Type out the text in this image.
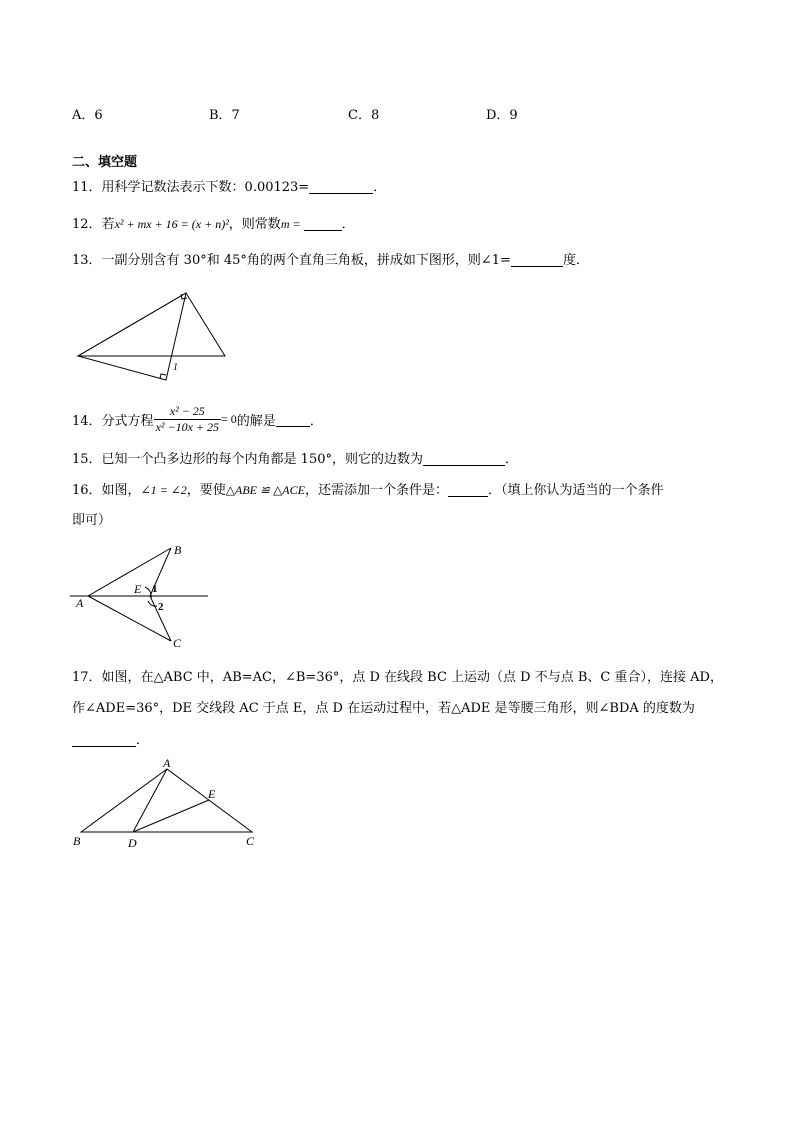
A．6	B．7	C．8	D．9
二、填空题
11．用科学记数法表示下数：0.00123=	．
12．若x² + mx + 16 = (x + n)²，则常数m =	．
13．一副分别含有 30°和 45°角的两个直角三角板，拼成如下图形，则∠1=	度．
1
14． 分式方程 $\frac{\text{x² − 25}}{\text{x² −10x + 25}} = 0$ 的解是	．
15．已知一个凸多边形的每个内角都是 150°，则它的边数为	．
16．如图，∠1 = ∠2，要使△ABE ≌ △ACE，还需添加一个条件是：	．（填上你认为适当的一个条件
即可）
B
A
C
E 1
2
17．如图，在△ABC 中，AB=AC，∠B=36°，点 D 在线段 BC 上运动（点 D 不与点 B、C 重合），连接 AD，
作∠ADE=36°，DE 交线段 AC 于点 E，点 D 在运动过程中，若△ADE 是等腰三角形，则∠BDA 的度数为
．
A
B	D	C
E
